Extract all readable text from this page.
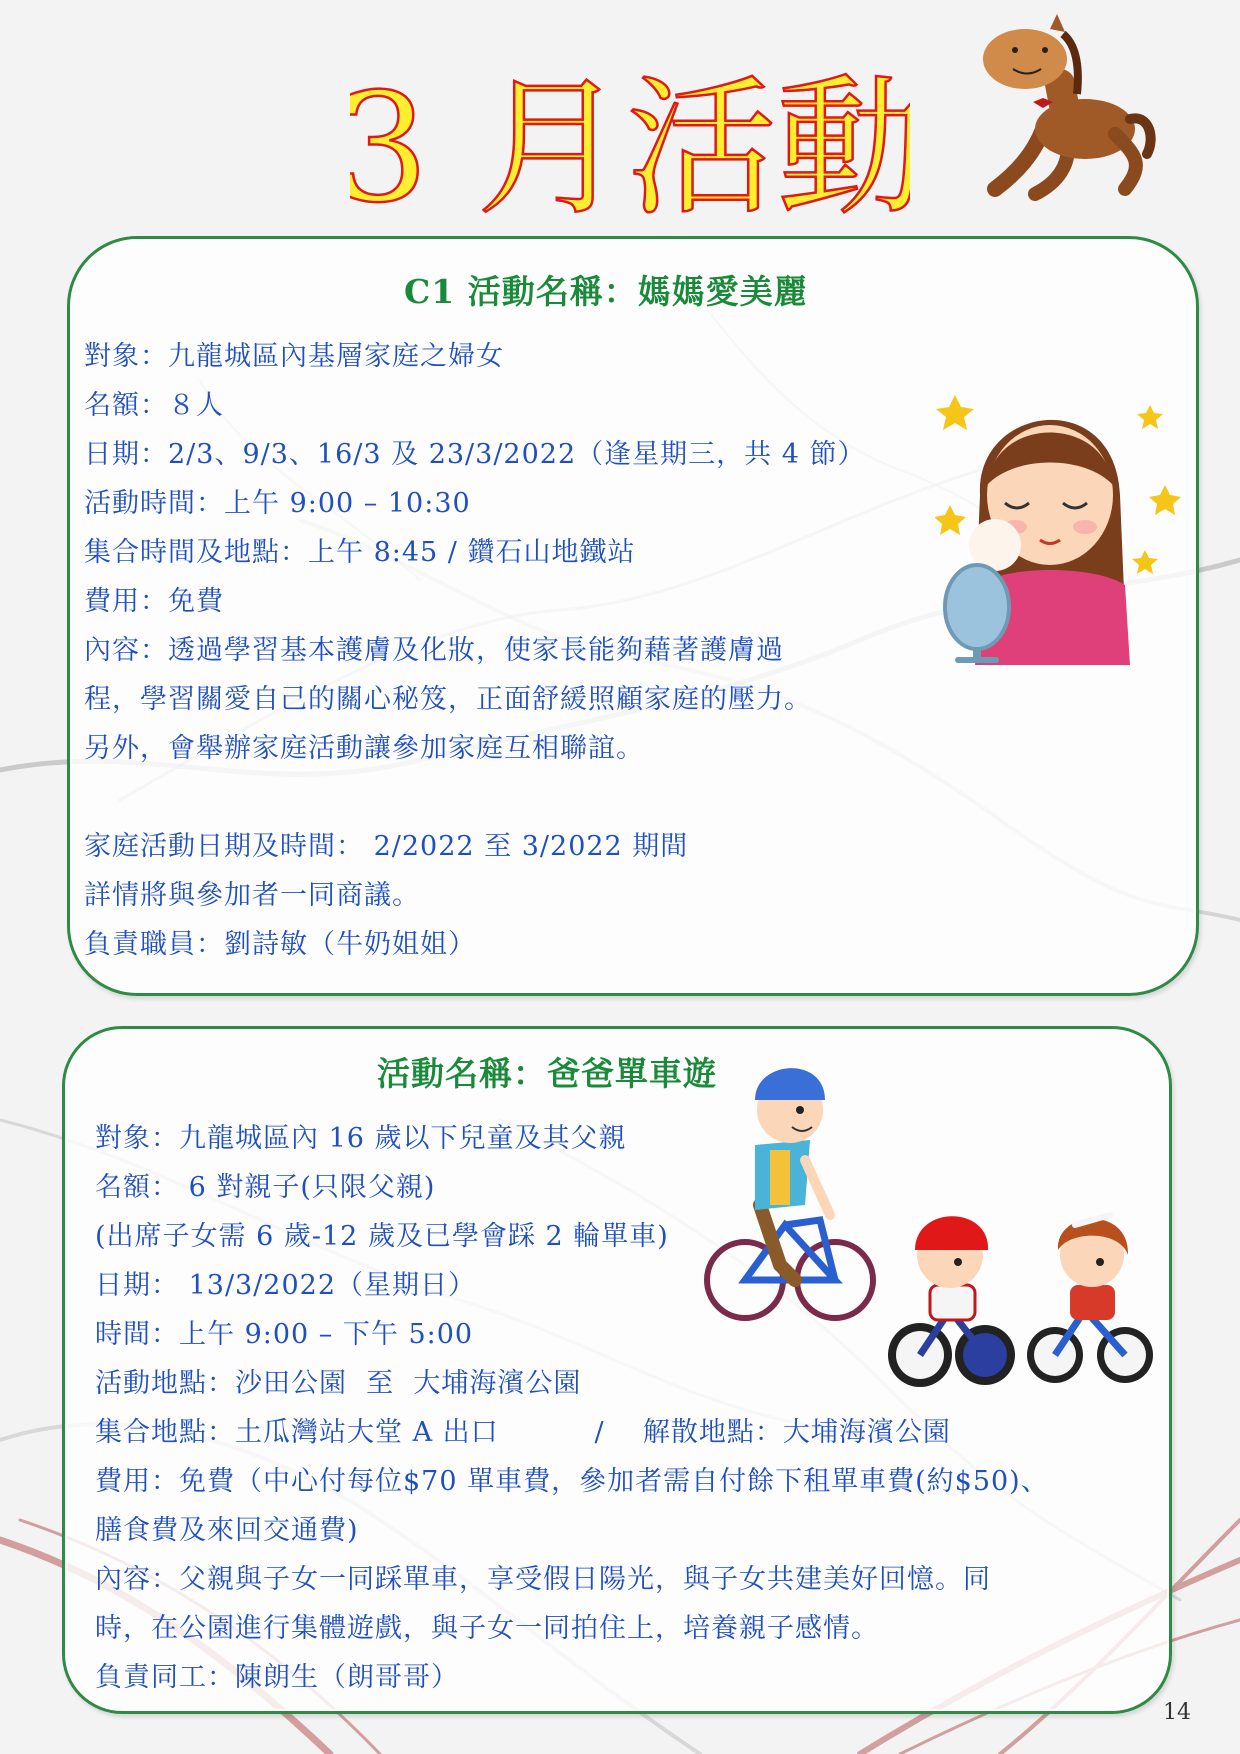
3 月活動
C1 活動名稱：媽媽愛美麗
對象：九龍城區內基層家庭之婦女
名額：８人
日期：2/3、9/3、16/3 及 23/3/2022（逢星期三，共 4 節）
活動時間：上午 9:00 – 10:30
集合時間及地點：上午 8:45 / 鑽石山地鐵站
費用：免費
內容：透過學習基本護膚及化妝，使家長能夠藉著護膚過
程，學習關愛自己的關心秘笈，正面舒緩照顧家庭的壓力。
另外，會舉辦家庭活動讓參加家庭互相聯誼。
家庭活動日期及時間： 2/2022 至 3/2022 期間
詳情將與參加者一同商議。
負責職員：劉詩敏（牛奶姐姐）
活動名稱：爸爸單車遊
對象：九龍城區內 16 歲以下兒童及其父親
名額： 6 對親子(只限父親)
(出席子女需 6 歲-12 歲及已學會踩 2 輪單車)
日期： 13/3/2022（星期日）
時間：上午 9:00 – 下午 5:00
活動地點：沙田公園  至  大埔海濱公園
集合地點：土瓜灣站大堂 A 出口          /    解散地點：大埔海濱公園
費用：免費（中心付每位$70 單車費，參加者需自付餘下租單車費(約$50)、
膳食費及來回交通費)
內容：父親與子女一同踩單車，享受假日陽光，與子女共建美好回憶。同
時，在公園進行集體遊戲，與子女一同拍住上，培養親子感情。
負責同工：陳朗生（朗哥哥）
14
